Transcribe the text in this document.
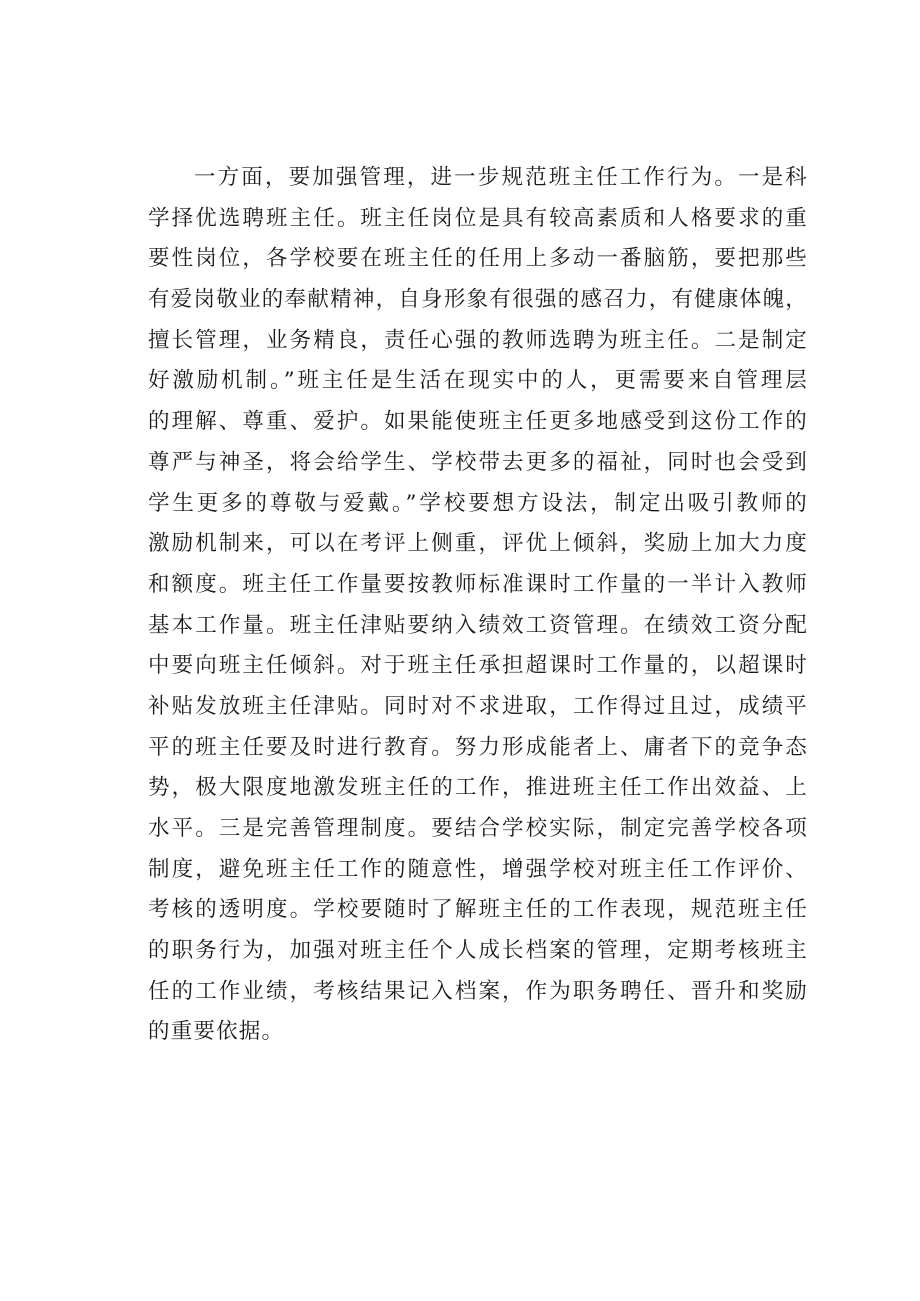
一方面，要加强管理，进一步规范班主任工作行为。一是科
学择优选聘班主任。班主任岗位是具有较高素质和人格要求的重
要性岗位，各学校要在班主任的任用上多动一番脑筋，要把那些
有爱岗敬业的奉献精神，自身形象有很强的感召力，有健康体魄，
擅长管理，业务精良，责任心强的教师选聘为班主任。二是制定
好激励机制。”班主任是生活在现实中的人，更需要来自管理层
的理解、尊重、爱护。如果能使班主任更多地感受到这份工作的
尊严与神圣，将会给学生、学校带去更多的福祉，同时也会受到
学生更多的尊敬与爱戴。”学校要想方设法，制定出吸引教师的
激励机制来，可以在考评上侧重，评优上倾斜，奖励上加大力度
和额度。班主任工作量要按教师标准课时工作量的一半计入教师
基本工作量。班主任津贴要纳入绩效工资管理。在绩效工资分配
中要向班主任倾斜。对于班主任承担超课时工作量的，以超课时
补贴发放班主任津贴。同时对不求进取，工作得过且过，成绩平
平的班主任要及时进行教育。努力形成能者上、庸者下的竞争态
势，极大限度地激发班主任的工作，推进班主任工作出效益、上
水平。三是完善管理制度。要结合学校实际，制定完善学校各项
制度，避免班主任工作的随意性，增强学校对班主任工作评价、
考核的透明度。学校要随时了解班主任的工作表现，规范班主任
的职务行为，加强对班主任个人成长档案的管理，定期考核班主
任的工作业绩，考核结果记入档案，作为职务聘任、晋升和奖励
的重要依据。
